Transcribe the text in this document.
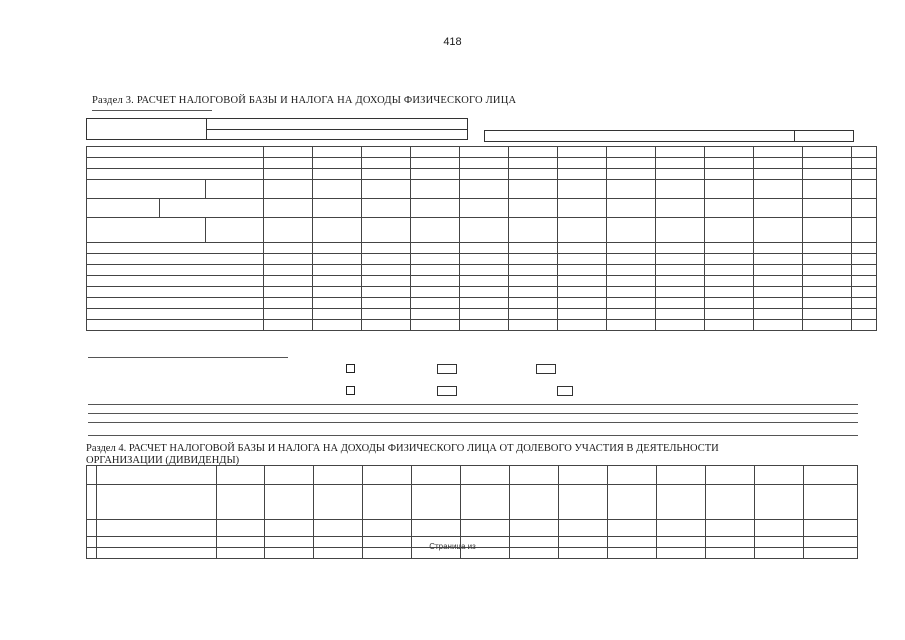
418
Раздел 3. РАСЧЕТ НАЛОГОВОЙ БАЗЫ И НАЛОГА НА ДОХОДЫ ФИЗИЧЕСКОГО ЛИЦА

Раздел 4. РАСЧЕТ НАЛОГОВОЙ БАЗЫ И НАЛОГА НА ДОХОДЫ ФИЗИЧЕСКОГО ЛИЦА ОТ ДОЛЕВОГО УЧАСТИЯ В ДЕЯТЕЛЬНОСТИ ОРГАНИЗАЦИИ (ДИВИДЕНДЫ)

Страница из
